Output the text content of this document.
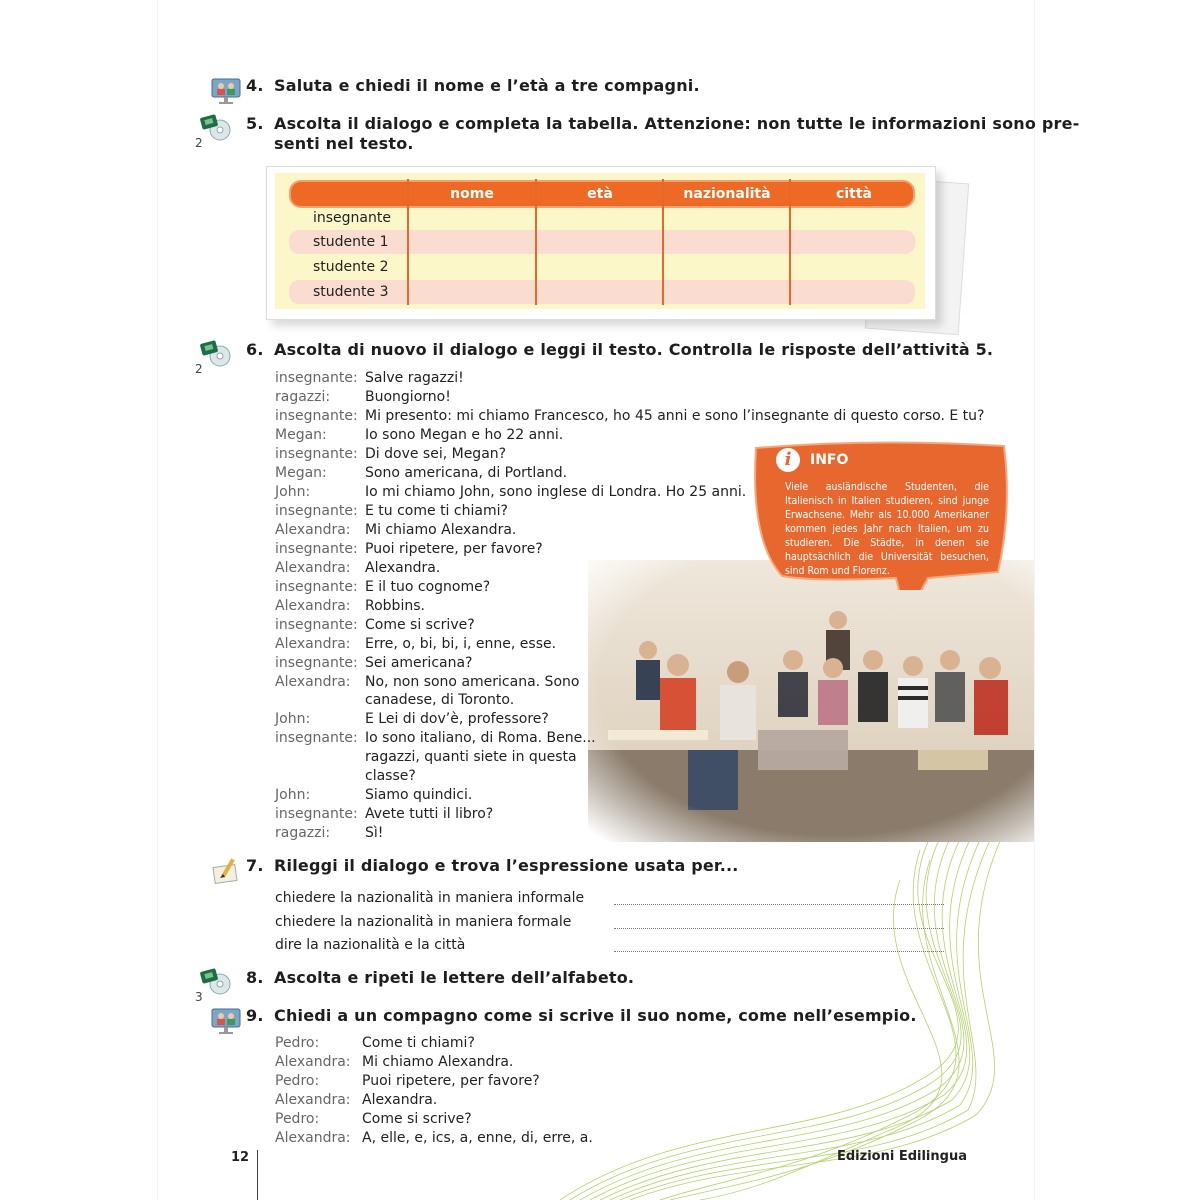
4. Saluta e chiedi il nome e l’età a tre compagni.
2
5. Ascolta il dialogo e completa la tabella. Attenzione: non tutte le informazioni sono pre-
senti nel testo.
nome	età	nazionalità	città
insegnante
studente 1
studente 2
studente 3
2
6. Ascolta di nuovo il dialogo e leggi il testo. Controlla le risposte dell’attività 5.
i	INFO
Viele ausländische Studenten, die Italienisch in Italien studieren, sind junge Erwachsene. Mehr als 10.000 Amerikaner kommen jedes Jahr nach Italien, um zu studieren. Die Städte, in denen sie hauptsächlich die Universität besuchen, sind Rom und Florenz.
insegnante: Salve ragazzi!
ragazzi: Buongiorno!
insegnante: Mi presento: mi chiamo Francesco, ho 45 anni e sono l’insegnante di questo corso. E tu?
Megan:	Io sono Megan e ho 22 anni.
insegnante: Di dove sei, Megan?
Megan:	Sono americana, di Portland.
John:	Io mi chiamo John, sono inglese di Londra. Ho 25 anni.
insegnante: E tu come ti chiami?
Alexandra: Mi chiamo Alexandra.
insegnante: Puoi ripetere, per favore?
Alexandra: Alexandra.
insegnante: E il tuo cognome?
Alexandra: Robbins.
insegnante: Come si scrive?
Alexandra: Erre, o, bi, bi, i, enne, esse.
insegnante: Sei americana?
Alexandra: No, non sono americana. Sono
canadese, di Toronto.
John:	E Lei di dov’è, professore?
insegnante: Io sono italiano, di Roma. Bene...
ragazzi, quanti siete in questa
classe?
John:	Siamo quindici.
insegnante: Avete tutti il libro?
ragazzi: Sì!
7. Rileggi il dialogo e trova l’espressione usata per...
chiedere la nazionalità in maniera informale
chiedere la nazionalità in maniera formale
dire la nazionalità e la città
3
8. Ascolta e ripeti le lettere dell’alfabeto.
9. Chiedi a un compagno come si scrive il suo nome, come nell’esempio.
Pedro:	Come ti chiami?
Alexandra: Mi chiamo Alexandra.
Pedro:	Puoi ripetere, per favore?
Alexandra: Alexandra.
Pedro:	Come si scrive?
Alexandra: A, elle, e, ics, a, enne, di, erre, a.
12	Edizioni Edilingua
